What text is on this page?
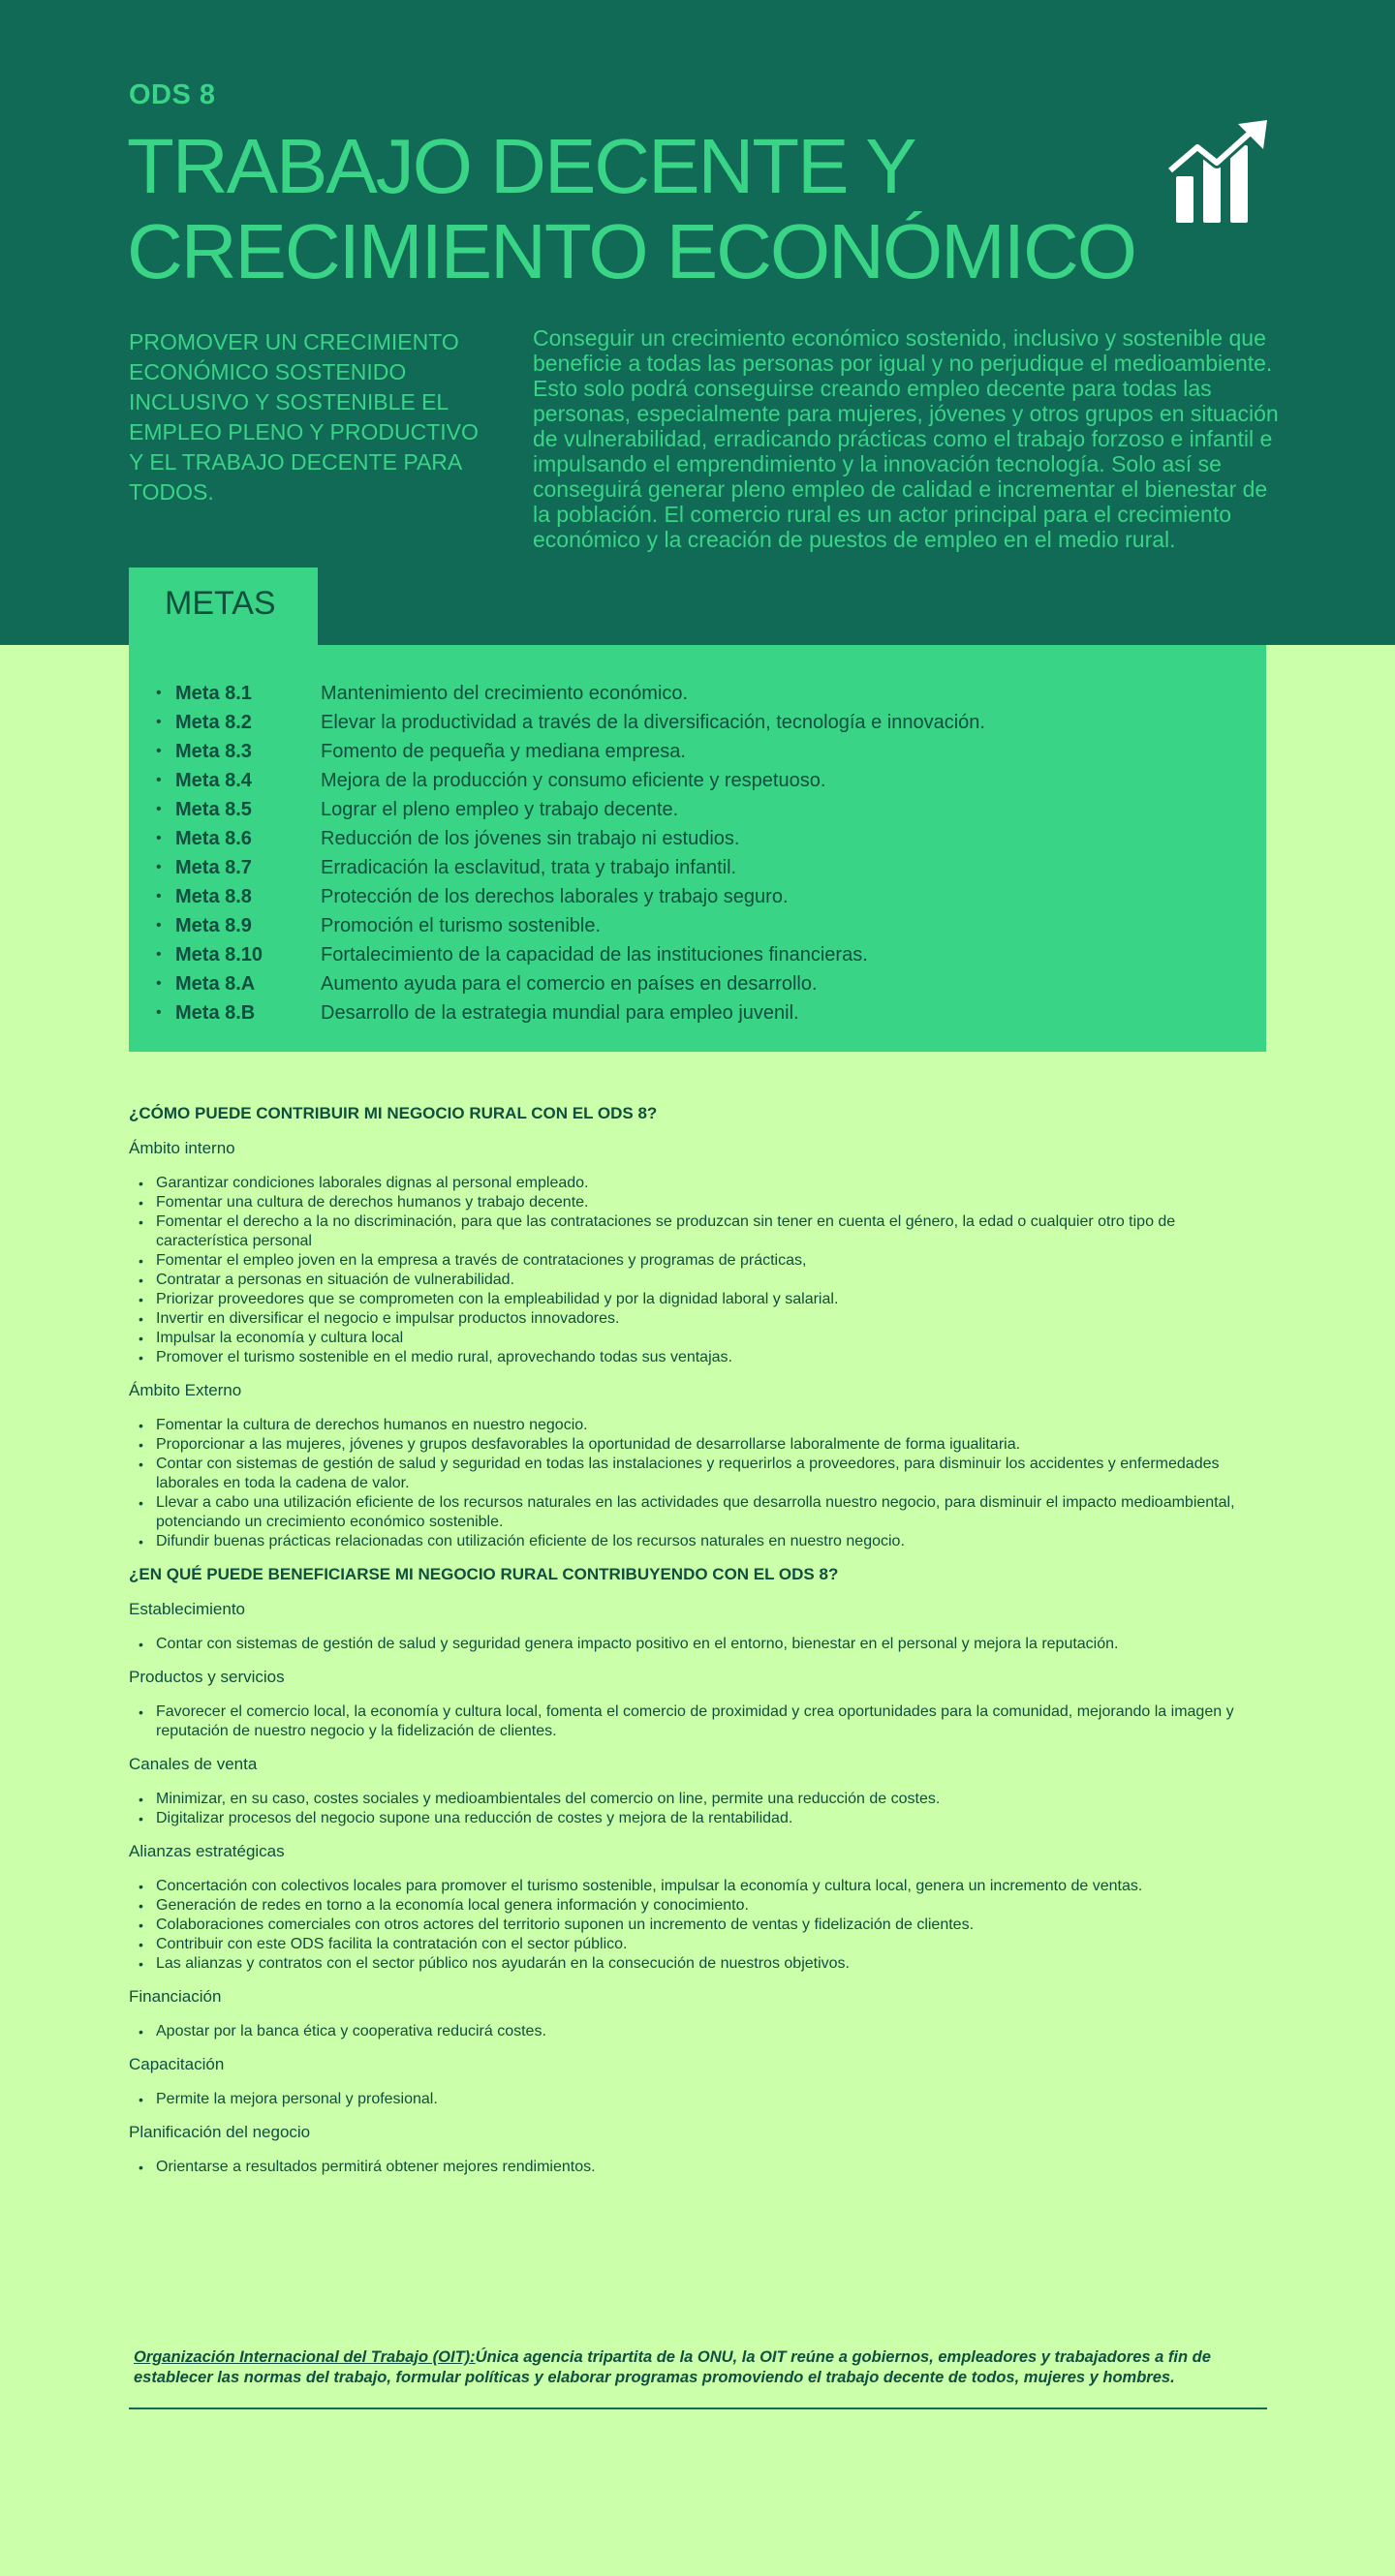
ODS 8
TRABAJO DECENTE Y CRECIMIENTO ECONÓMICO
PROMOVER UN CRECIMIENTO ECONÓMICO SOSTENIDO INCLUSIVO Y SOSTENIBLE EL EMPLEO PLENO Y PRODUCTIVO Y EL TRABAJO DECENTE PARA TODOS.
Conseguir un crecimiento económico sostenido, inclusivo y sostenible que beneficie a todas las personas por igual y no perjudique el medioambiente. Esto solo podrá conseguirse creando empleo decente para todas las personas, especialmente para mujeres, jóvenes y otros grupos en situación de vulnerabilidad, erradicando prácticas como el trabajo forzoso e infantil e impulsando el emprendimiento y la innovación tecnología. Solo así se conseguirá generar pleno empleo de calidad e incrementar el bienestar de la población. El comercio rural es un actor principal para el crecimiento económico y la creación de puestos de empleo en el medio rural.
METAS
• Meta 8.1	Mantenimiento del crecimiento económico.
• Meta 8.2	Elevar la productividad a través de la diversificación, tecnología e innovación.
• Meta 8.3	Fomento de pequeña y mediana empresa.
• Meta 8.4	Mejora de la producción y consumo eficiente y respetuoso.
• Meta 8.5	Lograr el pleno empleo y trabajo decente.
• Meta 8.6	Reducción de los jóvenes sin trabajo ni estudios.
• Meta 8.7	Erradicación la esclavitud, trata y trabajo infantil.
• Meta 8.8	Protección de los derechos laborales y trabajo seguro.
• Meta 8.9	Promoción el turismo sostenible.
• Meta 8.10	Fortalecimiento de la capacidad de las instituciones financieras.
• Meta 8.A	Aumento ayuda para el comercio en países en desarrollo.
• Meta 8.B	Desarrollo de la estrategia mundial para empleo juvenil.
¿CÓMO PUEDE CONTRIBUIR MI NEGOCIO RURAL CON EL ODS 8?
Ámbito interno
• Garantizar condiciones laborales dignas al personal empleado.
• Fomentar una cultura de derechos humanos y trabajo decente.
• Fomentar el derecho a la no discriminación, para que las contrataciones se produzcan sin tener en cuenta el género, la edad o cualquier otro tipo de característica personal
• Fomentar el empleo joven en la empresa a través de contrataciones y programas de prácticas,
• Contratar a personas en situación de vulnerabilidad.
• Priorizar proveedores que se comprometen con la empleabilidad y por la dignidad laboral y salarial.
• Invertir en diversificar el negocio e impulsar productos innovadores.
• Impulsar la economía y cultura local
• Promover el turismo sostenible en el medio rural, aprovechando todas sus ventajas.
Ámbito Externo
• Fomentar la cultura de derechos humanos en nuestro negocio.
• Proporcionar a las mujeres, jóvenes y grupos desfavorables la oportunidad de desarrollarse laboralmente de forma igualitaria.
• Contar con sistemas de gestión de salud y seguridad en todas las instalaciones y requerirlos a proveedores, para disminuir los accidentes y enfermedades laborales en toda la cadena de valor.
• Llevar a cabo una utilización eficiente de los recursos naturales en las actividades que desarrolla nuestro negocio, para disminuir el impacto medioambiental, potenciando un crecimiento económico sostenible.
• Difundir buenas prácticas relacionadas con utilización eficiente de los recursos naturales en nuestro negocio.
¿EN QUÉ PUEDE BENEFICIARSE MI NEGOCIO RURAL CONTRIBUYENDO CON EL ODS 8?
Establecimiento
• Contar con sistemas de gestión de salud y seguridad genera impacto positivo en el entorno, bienestar en el personal y mejora la reputación.
Productos y servicios
• Favorecer el comercio local, la economía y cultura local, fomenta el comercio de proximidad y crea oportunidades para la comunidad, mejorando la imagen y reputación de nuestro negocio y la fidelización de clientes.
Canales de venta
• Minimizar, en su caso, costes sociales y medioambientales del comercio on line, permite una reducción de costes.
• Digitalizar procesos del negocio supone una reducción de costes y mejora de la rentabilidad.
Alianzas estratégicas
• Concertación con colectivos locales para promover el turismo sostenible, impulsar la economía y cultura local, genera un incremento de ventas.
• Generación de redes en torno a la economía local genera información y conocimiento.
• Colaboraciones comerciales con otros actores del territorio suponen un incremento de ventas y fidelización de clientes.
• Contribuir con este ODS facilita la contratación con el sector público.
• Las alianzas y contratos con el sector público nos ayudarán en la consecución de nuestros objetivos.
Financiación
• Apostar por la banca ética y cooperativa reducirá costes.
Capacitación
• Permite la mejora personal y profesional.
Planificación del negocio
• Orientarse a resultados permitirá obtener mejores rendimientos.
Organización Internacional del Trabajo (OIT):Única agencia tripartita de la ONU, la OIT reúne a gobiernos, empleadores y trabajadores a fin de establecer las normas del trabajo, formular políticas y elaborar programas promoviendo el trabajo decente de todos, mujeres y hombres.
